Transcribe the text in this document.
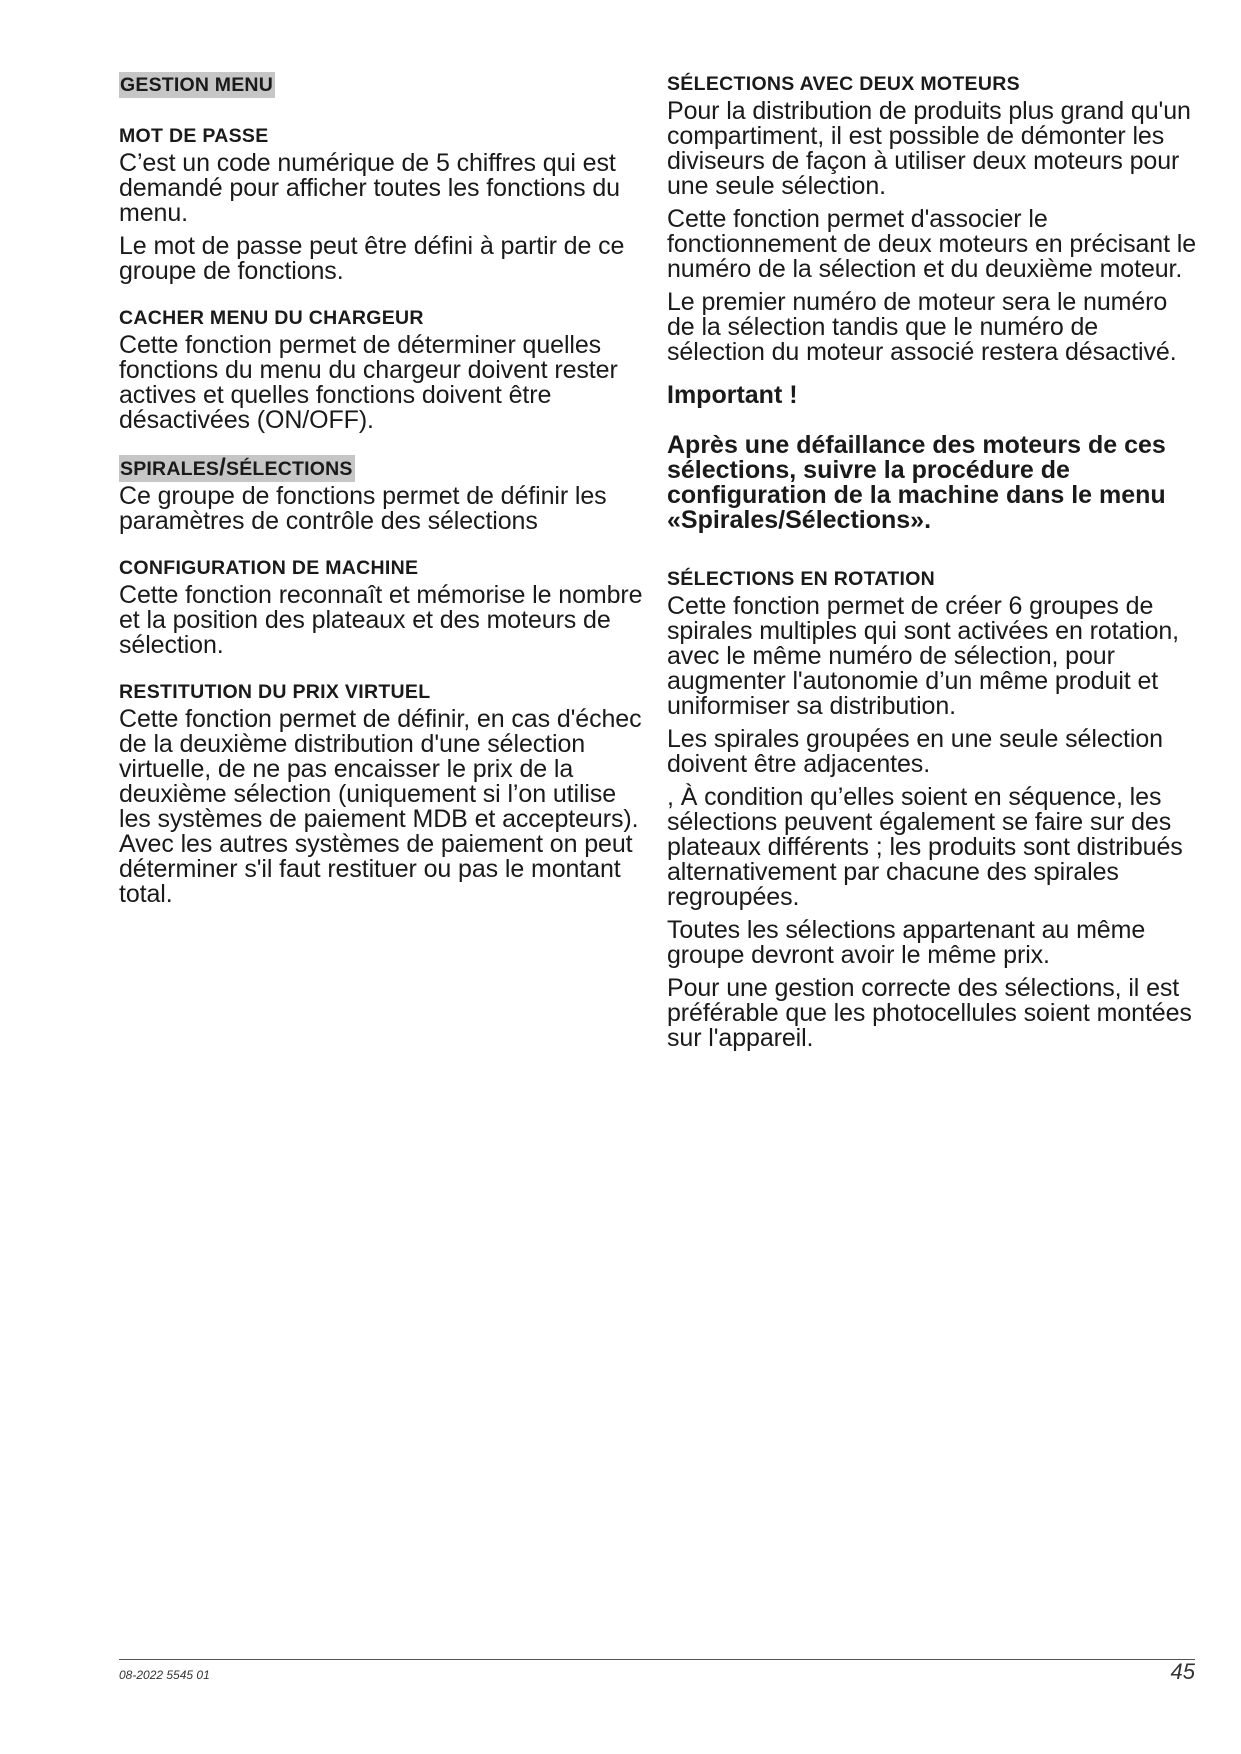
GESTION MENU
MOT DE PASSE

C’est un code numérique de 5 chiffres qui est demandé pour afficher toutes les fonctions du menu.

Le mot de passe peut être défini à partir de ce groupe de fonctions.

CACHER MENU DU CHARGEUR

Cette fonction permet de déterminer quelles fonctions du menu du chargeur doivent rester actives et quelles fonctions doivent être désactivées (ON/OFF).

SPIRALES/SÉLECTIONS

Ce groupe de fonctions permet de définir les paramètres de contrôle des sélections

CONFIGURATION DE MACHINE

Cette fonction reconnaît et mémorise le nombre et la position des plateaux et des moteurs de sélection.

RESTITUTION DU PRIX VIRTUEL

Cette fonction permet de définir, en cas d'échec de la deuxième distribution d'une sélection virtuelle, de ne pas encaisser le prix de la deuxième sélection (uniquement si l’on utilise les systèmes de paiement MDB et accepteurs). Avec les autres systèmes de paiement on peut déterminer s'il faut restituer ou pas le montant total.

SÉLECTIONS AVEC DEUX MOTEURS

Pour la distribution de produits plus grand qu'un compartiment, il est possible de démonter les diviseurs de façon à utiliser deux moteurs pour une seule sélection.

Cette fonction permet d'associer le fonctionnement de deux moteurs en précisant le numéro de la sélection et du deuxième moteur.

Le premier numéro de moteur sera le numéro de la sélection tandis que le numéro de sélection du moteur associé restera désactivé.

Important !

Après une défaillance des moteurs de ces sélections, suivre la procédure de configuration de la machine dans le menu «Spirales/Sélections».

SÉLECTIONS EN ROTATION

Cette fonction permet de créer 6 groupes de spirales multiples qui sont activées en rotation, avec le même numéro de sélection, pour augmenter l'autonomie d’un même produit et uniformiser sa distribution.

Les spirales groupées en une seule sélection doivent être adjacentes.

, À condition qu’elles soient en séquence, les sélections peuvent également se faire sur des plateaux différents ; les produits sont distribués alternativement par chacune des spirales regroupées.

Toutes les sélections appartenant au même groupe devront avoir le même prix.

Pour une gestion correcte des sélections, il est préférable que les photocellules soient montées sur l'appareil.

08-2022 5545 01	45
